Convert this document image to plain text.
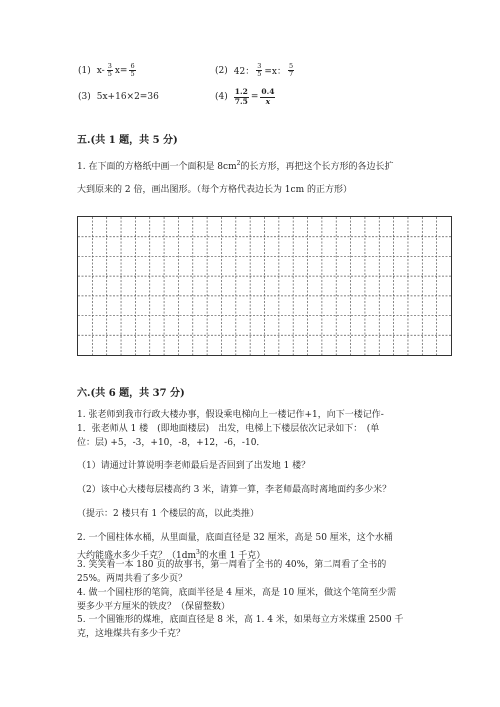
(1) $x- \frac{3}{5} x= \frac{6}{5}$	(2) 42： $\frac{3}{5} =x$： $\frac{5}{7}$
(3) 5x+16×2=36	$(4) \frac{1.2}{7.5} = \frac{0.4}{x}$
五.(共 1 题，共 5 分)
1. 在下面的方格纸中画一个面积是 $8cm^2$的长方形，再把这个长方形的各边长扩
大到原来的 2 倍，画出图形。（每个方格代表边长为 1cm 的正方形）
六.(共 6 题，共 37 分)
1. 张老师到我市行政大楼办事，假设乘电梯向上一楼记作+1，向下一楼记作-
1．张老师从 1 楼　(即地面楼层)　出发，电梯上下楼层依次记录如下：　(单
位：层) +5，-3，+10，-8，+12，-6，-10．
（1）请通过计算说明李老师最后是否回到了出发地 1 楼？
（2）该中心大楼每层楼高约 3 米，请算一算，李老师最高时离地面约多少米？
（提示：2 楼只有 1 个楼层的高，以此类推）
2. 一个圆柱体水桶，从里面量，底面直径是 32 厘米，高是 50 厘米，这个水桶
大约能盛水多少千克？（$1dm^3$的水重 1 千克）
3. 笑笑看一本 180 页的故事书，第一周看了全书的 40%，第二周看了全书的
25%。两周共看了多少页？
4. 做一个圆柱形的笔筒，底面半径是 4 厘米，高是 10 厘米，做这个笔筒至少需
要多少平方厘米的铁皮？（保留整数）
5. 一个圆锥形的煤堆，底面直径是 8 米，高 1. 4 米，如果每立方米煤重 2500 千
克，这堆煤共有多少千克？
